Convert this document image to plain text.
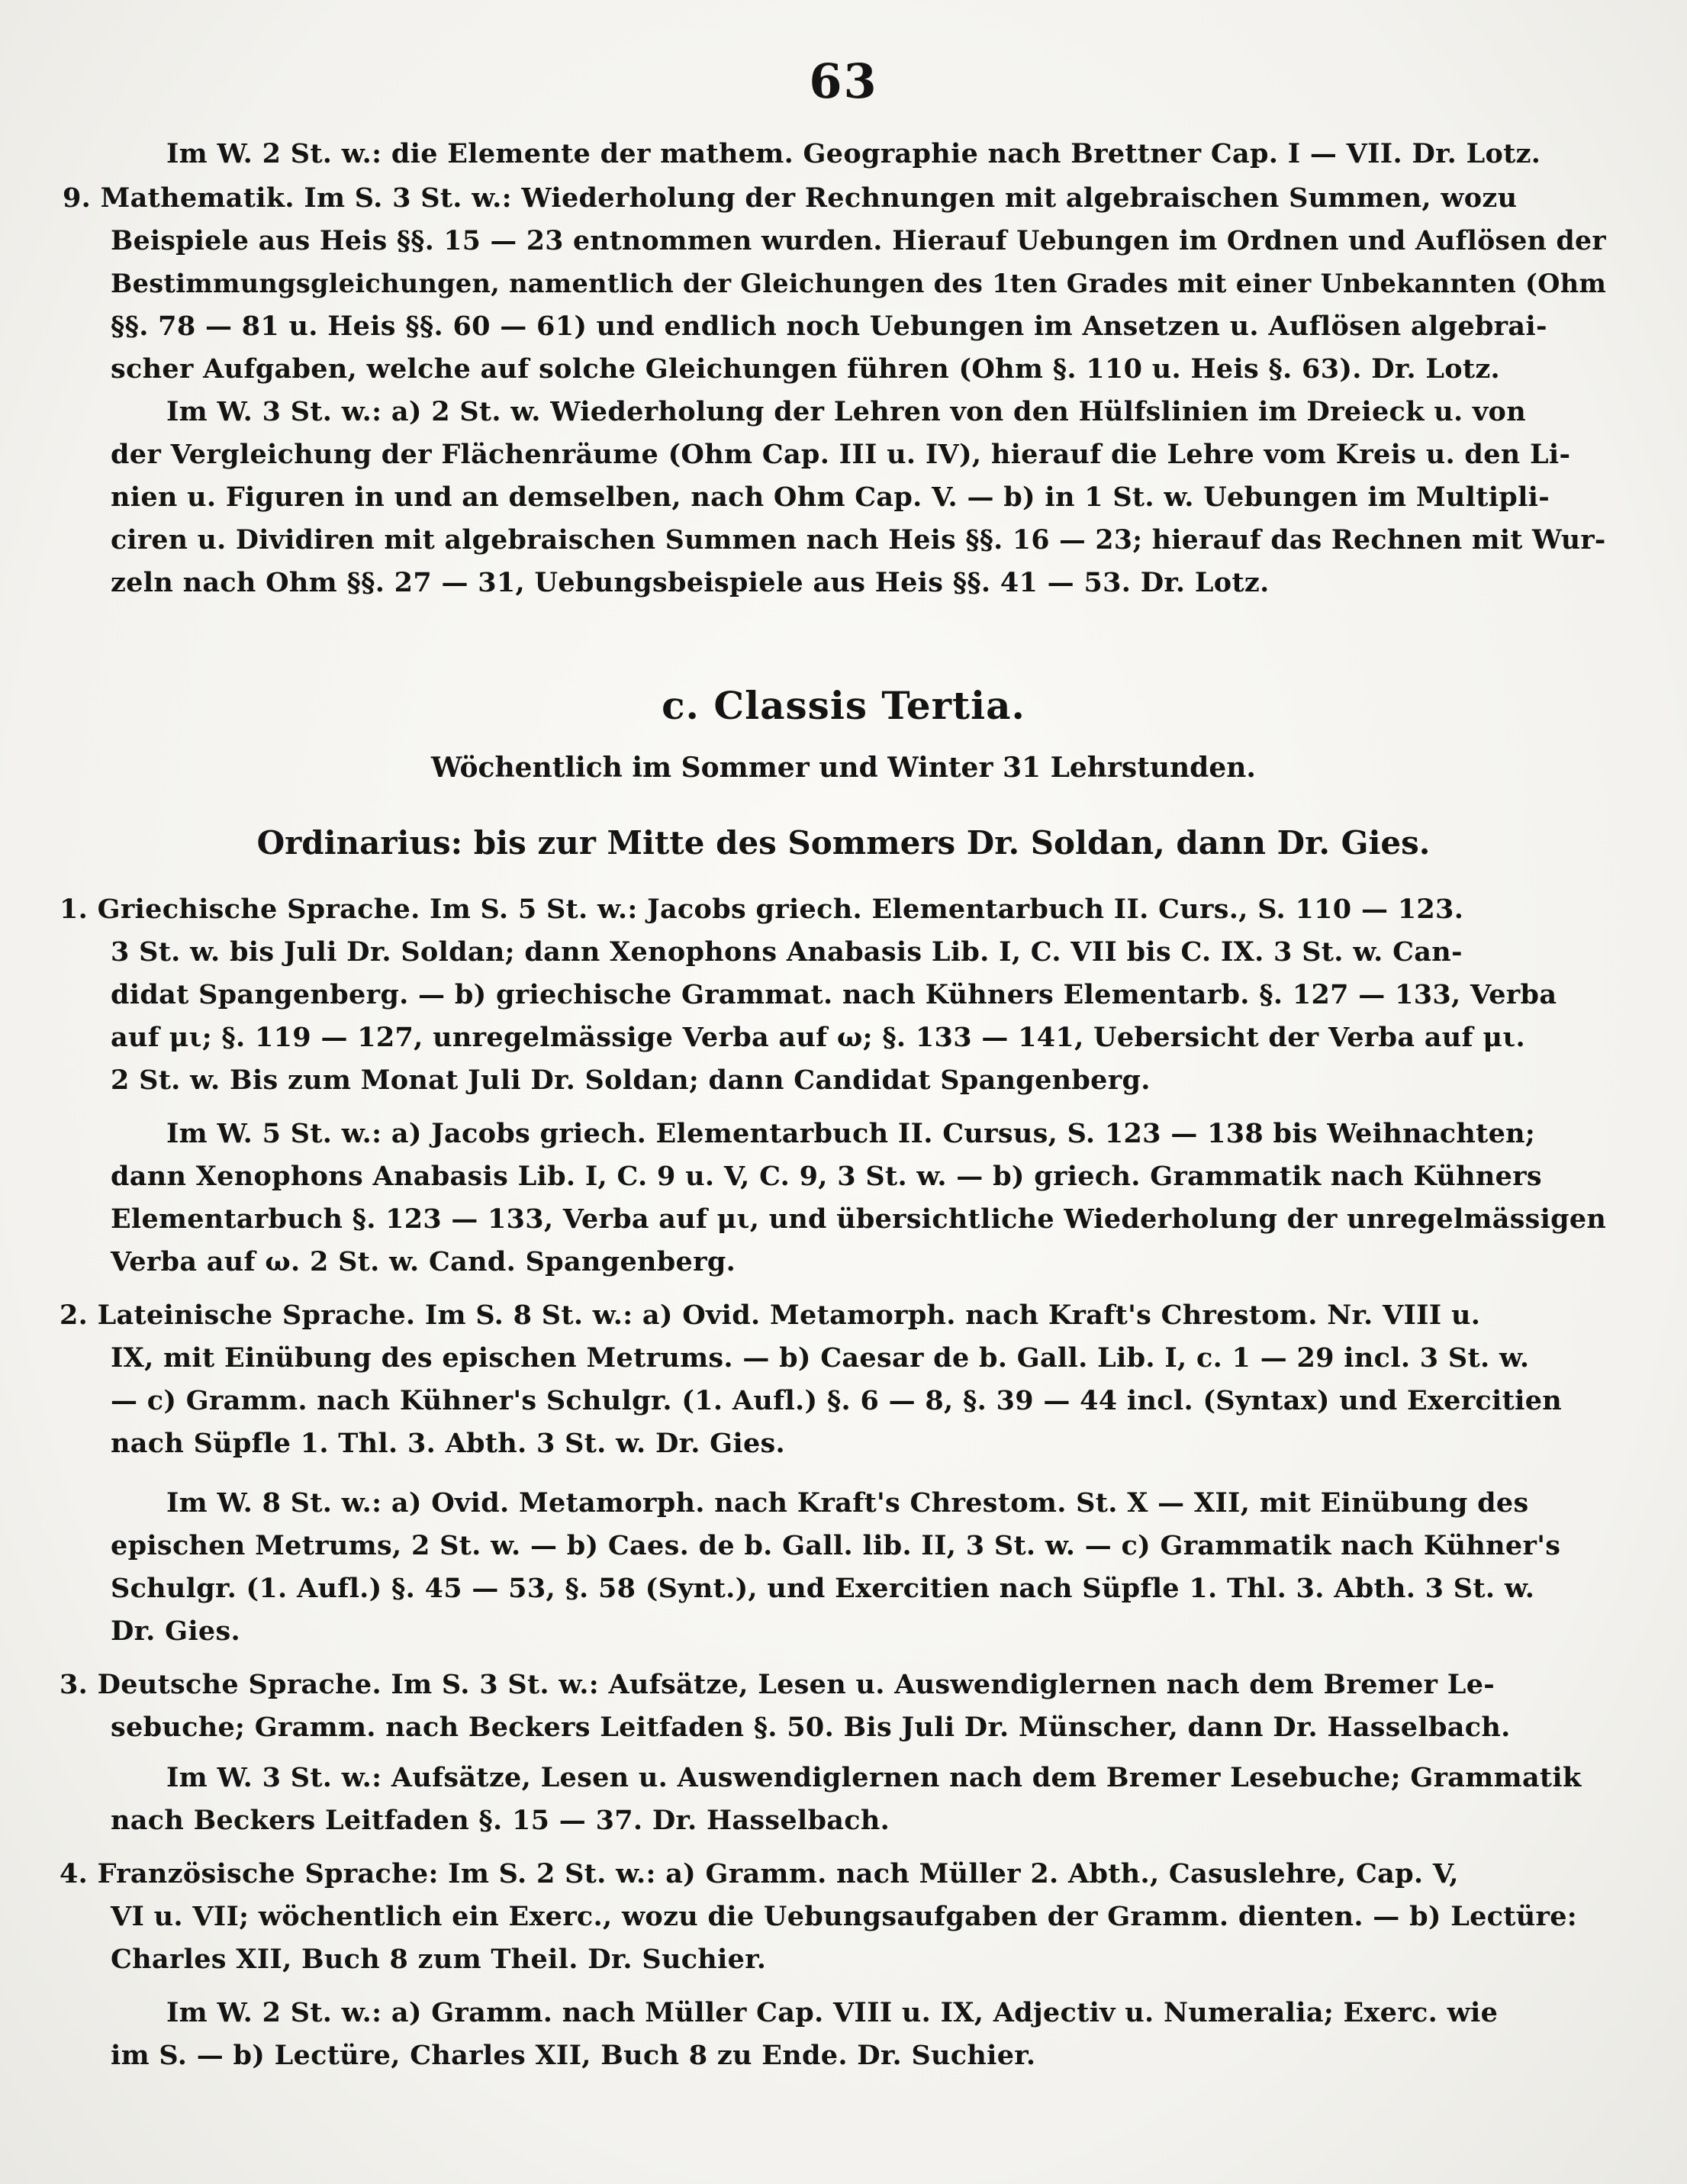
63
Im W. 2 St. w.: die Elemente der mathem. Geographie nach Brettner Cap. I — VII. Dr. Lotz.
9. Mathematik. Im S. 3 St. w.: Wiederholung der Rechnungen mit algebraischen Summen, wozu
Beispiele aus Heis §§. 15 — 23 entnommen wurden. Hierauf Uebungen im Ordnen und Auflösen der
Bestimmungsgleichungen, namentlich der Gleichungen des 1ten Grades mit einer Unbekannten (Ohm
§§. 78 — 81 u. Heis §§. 60 — 61) und endlich noch Uebungen im Ansetzen u. Auflösen algebrai-
scher Aufgaben, welche auf solche Gleichungen führen (Ohm §. 110 u. Heis §. 63). Dr. Lotz.
Im W. 3 St. w.: a) 2 St. w. Wiederholung der Lehren von den Hülfslinien im Dreieck u. von
der Vergleichung der Flächenräume (Ohm Cap. III u. IV), hierauf die Lehre vom Kreis u. den Li-
nien u. Figuren in und an demselben, nach Ohm Cap. V. — b) in 1 St. w. Uebungen im Multipli-
ciren u. Dividiren mit algebraischen Summen nach Heis §§. 16 — 23; hierauf das Rechnen mit Wur-
zeln nach Ohm §§. 27 — 31, Uebungsbeispiele aus Heis §§. 41 — 53. Dr. Lotz.
c. Classis Tertia.
Wöchentlich im Sommer und Winter 31 Lehrstunden.
Ordinarius: bis zur Mitte des Sommers Dr. Soldan, dann Dr. Gies.
1. Griechische Sprache. Im S. 5 St. w.: Jacobs griech. Elementarbuch II. Curs., S. 110 — 123.
3 St. w. bis Juli Dr. Soldan; dann Xenophons Anabasis Lib. I, C. VII bis C. IX. 3 St. w. Can-
didat Spangenberg. — b) griechische Grammat. nach Kühners Elementarb. §. 127 — 133, Verba
auf μι; §. 119 — 127, unregelmässige Verba auf ω; §. 133 — 141, Uebersicht der Verba auf μι.
2 St. w. Bis zum Monat Juli Dr. Soldan; dann Candidat Spangenberg.
Im W. 5 St. w.: a) Jacobs griech. Elementarbuch II. Cursus, S. 123 — 138 bis Weihnachten;
dann Xenophons Anabasis Lib. I, C. 9 u. V, C. 9, 3 St. w. — b) griech. Grammatik nach Kühners
Elementarbuch §. 123 — 133, Verba auf μι, und übersichtliche Wiederholung der unregelmässigen
Verba auf ω. 2 St. w. Cand. Spangenberg.
2. Lateinische Sprache. Im S. 8 St. w.: a) Ovid. Metamorph. nach Kraft's Chrestom. Nr. VIII u.
IX, mit Einübung des epischen Metrums. — b) Caesar de b. Gall. Lib. I, c. 1 — 29 incl. 3 St. w.
— c) Gramm. nach Kühner's Schulgr. (1. Aufl.) §. 6 — 8, §. 39 — 44 incl. (Syntax) und Exercitien
nach Süpfle 1. Thl. 3. Abth. 3 St. w. Dr. Gies.
Im W. 8 St. w.: a) Ovid. Metamorph. nach Kraft's Chrestom. St. X — XII, mit Einübung des
epischen Metrums, 2 St. w. — b) Caes. de b. Gall. lib. II, 3 St. w. — c) Grammatik nach Kühner's
Schulgr. (1. Aufl.) §. 45 — 53, §. 58 (Synt.), und Exercitien nach Süpfle 1. Thl. 3. Abth. 3 St. w.
Dr. Gies.
3. Deutsche Sprache. Im S. 3 St. w.: Aufsätze, Lesen u. Auswendiglernen nach dem Bremer Le-
sebuche; Gramm. nach Beckers Leitfaden §. 50. Bis Juli Dr. Münscher, dann Dr. Hasselbach.
Im W. 3 St. w.: Aufsätze, Lesen u. Auswendiglernen nach dem Bremer Lesebuche; Grammatik
nach Beckers Leitfaden §. 15 — 37. Dr. Hasselbach.
4. Französische Sprache: Im S. 2 St. w.: a) Gramm. nach Müller 2. Abth., Casuslehre, Cap. V,
VI u. VII; wöchentlich ein Exerc., wozu die Uebungsaufgaben der Gramm. dienten. — b) Lectüre:
Charles XII, Buch 8 zum Theil. Dr. Suchier.
Im W. 2 St. w.: a) Gramm. nach Müller Cap. VIII u. IX, Adjectiv u. Numeralia; Exerc. wie
im S. — b) Lectüre, Charles XII, Buch 8 zu Ende. Dr. Suchier.
